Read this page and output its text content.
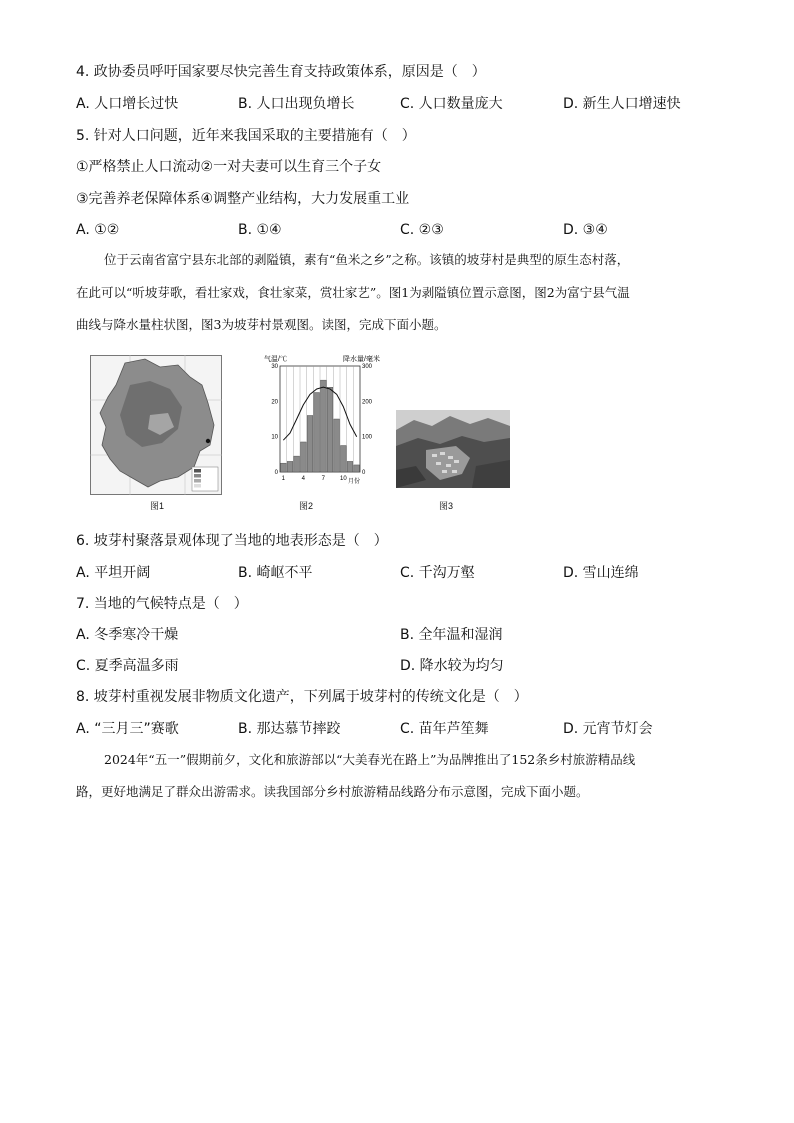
4. 政协委员呼吁国家要尽快完善生育支持政策体系，原因是（　）
A. 人口增长过快	B. 人口出现负增长	C. 人口数量庞大	D. 新生人口增速快
5. 针对人口问题，近年来我国采取的主要措施有（　）
①严格禁止人口流动②一对夫妻可以生育三个子女
③完善养老保障体系④调整产业结构，大力发展重工业
A. ①②	B. ①④	C. ②③	D. ③④
位于云南省富宁县东北部的剥隘镇，素有“鱼米之乡”之称。该镇的坡芽村是典型的原生态村落，
在此可以“听坡芽歌，看壮家戏，食壮家菜，赏壮家艺”。图1为剥隘镇位置示意图，图2为富宁县气温
曲线与降水量柱状图，图3为坡芽村景观图。读图，完成下面小题。
图1
气温/℃	降水量/毫米
0
10
20
30
0
100
200
300
1	4	7 10 月份
图2	图3
6. 坡芽村聚落景观体现了当地的地表形态是（　）
A. 平坦开阔	B. 崎岖不平	C. 千沟万壑	D. 雪山连绵
7. 当地的气候特点是（　）
A. 冬季寒冷干燥	B. 全年温和湿润
C. 夏季高温多雨	D. 降水较为均匀
8. 坡芽村重视发展非物质文化遗产，下列属于坡芽村的传统文化是（　）
A. “三月三”赛歌	B. 那达慕节摔跤	C. 苗年芦笙舞	D. 元宵节灯会
2024年“五一”假期前夕，文化和旅游部以“大美春光在路上”为品牌推出了152条乡村旅游精品线
路，更好地满足了群众出游需求。读我国部分乡村旅游精品线路分布示意图，完成下面小题。
